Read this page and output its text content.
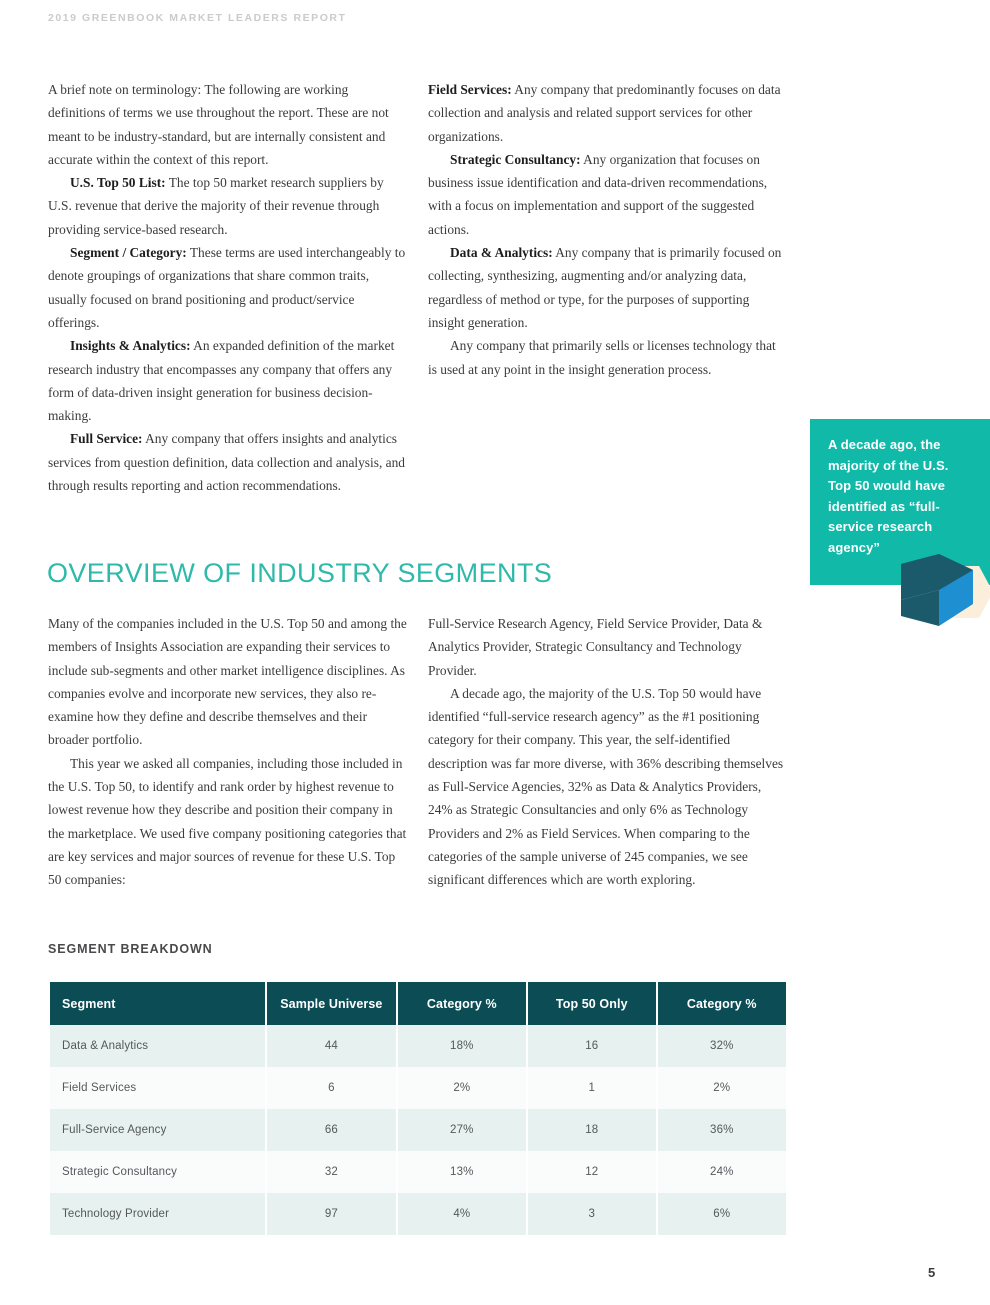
2019 GREENBOOK MARKET LEADERS REPORT

A brief note on terminology: The following are working definitions of terms we use throughout the report. These are not meant to be industry-standard, but are internally consistent and accurate within the context of this report.

U.S. Top 50 List: The top 50 market research suppliers by U.S. revenue that derive the majority of their revenue through providing service-based research.

Segment / Category: These terms are used interchangeably to denote groupings of organizations that share common traits, usually focused on brand positioning and product/service offerings.

Insights & Analytics: An expanded definition of the market research industry that encompasses any company that offers any form of data-driven insight generation for business decision-making.

Full Service: Any company that offers insights and analytics services from question definition, data collection and analysis, and through results reporting and action recommendations.

Field Services: Any company that predominantly focuses on data collection and analysis and related support services for other organizations.

Strategic Consultancy: Any organization that focuses on business issue identification and data-driven recommendations, with a focus on implementation and support of the suggested actions.

Data & Analytics: Any company that is primarily focused on collecting, synthesizing, augmenting and/or analyzing data, regardless of method or type, for the purposes of supporting insight generation.

Any company that primarily sells or licenses technology that is used at any point in the insight generation process.

A decade ago, the majority of the U.S. Top 50 would have identified as “full-service research agency”
OVERVIEW OF INDUSTRY SEGMENTS

Many of the companies included in the U.S. Top 50 and among the members of Insights Association are expanding their services to include sub-segments and other market intelligence disciplines. As companies evolve and incorporate new services, they also re-examine how they define and describe themselves and their broader portfolio.

This year we asked all companies, including those included in the U.S. Top 50, to identify and rank order by highest revenue to lowest revenue how they describe and position their company in the marketplace. We used five company positioning categories that are key services and major sources of revenue for these U.S. Top 50 companies:

Full-Service Research Agency, Field Service Provider, Data & Analytics Provider, Strategic Consultancy and Technology Provider.

A decade ago, the majority of the U.S. Top 50 would have identified “full-service research agency” as the #1 positioning category for their company. This year, the self-identified description was far more diverse, with 36% describing themselves as Full-Service Agencies, 32% as Data & Analytics Providers, 24% as Strategic Consultancies and only 6% as Technology Providers and 2% as Field Services. When comparing to the categories of the sample universe of 245 companies, we see significant differences which are worth exploring.

SEGMENT BREAKDOWN
Segment	Sample Universe	Category %	Top 50 Only	Category %
Data & Analytics	44	18%	16	32%
Field Services	6	2%	1	2%
Full-Service Agency	66	27%	18	36%
Strategic Consultancy	32	13%	12	24%
Technology Provider	97	4%	3	6%
5
